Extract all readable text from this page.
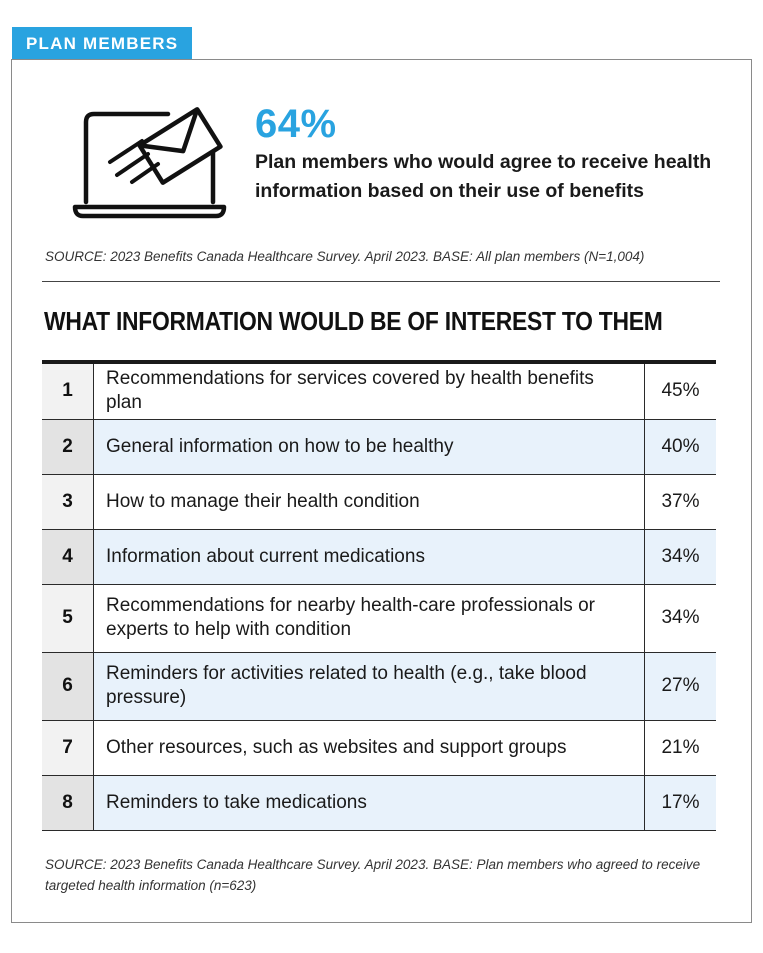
PLAN MEMBERS
64%
Plan members who would agree to receive health information based on their use of benefits
SOURCE: 2023 Benefits Canada Healthcare Survey. April 2023. BASE: All plan members (N=1,004)
WHAT INFORMATION WOULD BE OF INTEREST TO THEM
1	Recommendations for services covered by health benefits plan	45%
2	General information on how to be healthy	40%
3	How to manage their health condition	37%
4	Information about current medications	34%
5	Recommendations for nearby health-care professionals or experts to help with condition	34%
6	Reminders for activities related to health (e.g., take blood pressure)	27%
7	Other resources, such as websites and support groups	21%
8	Reminders to take medications	17%
SOURCE: 2023 Benefits Canada Healthcare Survey. April 2023. BASE: Plan members who agreed to receive targeted health information (n=623)
